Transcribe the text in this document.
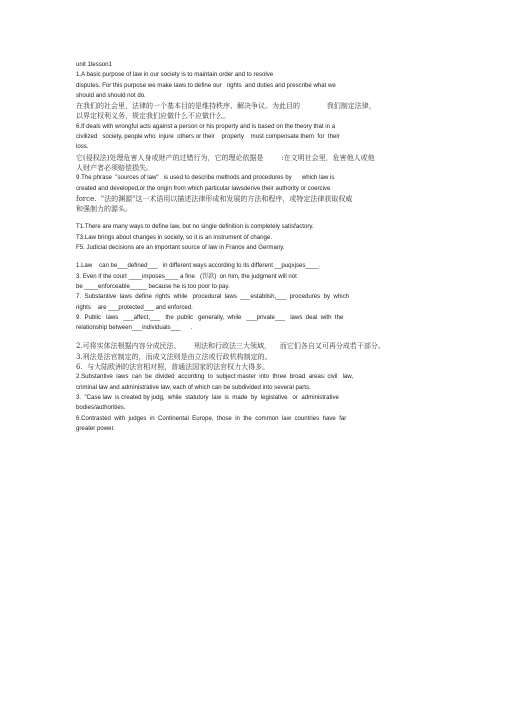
unit 1lesson1
1.A basic purpose of law in our society is to maintain order and to resolve
disputes. For this purpose we make laws to define our   rights  and duties and prescribe what we
should and should not do.
在我们的社会里，法律的一个基本目的是维持秩序、解决争议。为此目的            我们制定法律，
以界定权利义务，规定我们应做什么不应做什么。
6.If deals with wrongful acts against a person or his property and is based on the theory that in a
civilized   society, people who  injure  others or their    property    must compensate them  for  their
loss.
它(侵权法)处理危害人身或财产的过错行为，它的理论依据是        :在文明社会里，危害他人或他
人财产者必须赔偿损失。
9.The phrase  "sources of law"   is used to describe methods and procedures by      which law is
created and developed,or the origin from which particular lawsderive their authority or coercive
force.  "法的渊源"这一术语用以描述法律形成和发展的方法和程序，或特定法律获取权威
和强制力的源头。
T1.There are many ways to define law, but no single definition is completely satisfactory.
T3.Law brings about changes in society, so it is an instrument of change.
F5. Judicial decisions are an important source of law in France and Germany.
1.Law    can be___defined___   in different ways according to its different __puqxjses____.
3. Even if the court ____imposes____ a fine   (罚款)  on him, the judgment will not
be ____enforceable_____ because he is too poor to pay.
7.  Substantive  laws  define  rights  while   procedural  laws  ___establish,___  procedures  by  which
rights    are ___protected___ and enforced.
9.  Public   laws   ___affect,___   the  public   generally,  while   ___private___   laws  deal  with  the
relationship between___individuals___      .
2.可将实体法根据内容分成民法、      刑法和行政法三大领域，    而它们各自又可再分成若干部分。
3.刑法是法官制定的，而成文法则是由立法或行政机构制定的。
6.  与大陆欧洲的法官相对照，普通法国家的法官权力大得多。
2.Substantive  laws  can  be  divided  according  to  subject master  into  three  broad  areas: civil   law,
criminal law and administrative law, each of which can be subdivided into several parts.
3.  "Case law  is created by judg,  while  statutory  law  is  made  by  legislative   or  administrative
bodies/authorities.
6.Contrasted  with  judges  in  Continental  Europe,  those  in  the  common  law  countries  have  far
greater power.
